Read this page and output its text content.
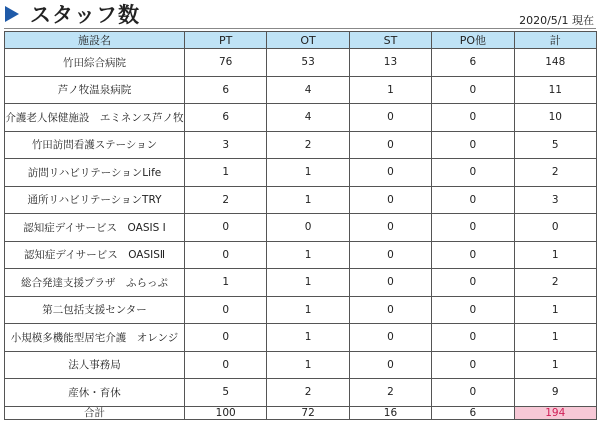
スタッフ数	2020/5/1 現在
施設名	PT	OT	ST	PO他	計
竹田綜合病院	76	53	13	6	148
芦ノ牧温泉病院	6	4	1	0	11
介護老人保健施設　エミネンス芦ノ牧	6	4	0	0	10
竹田訪問看護ステーション	3	2	0	0	5
訪問リハビリテーションLife	1	1	0	0	2
通所リハビリテーションTRY	2	1	0	0	3
認知症デイサービス　OASIS I	0	0	0	0	0
認知症デイサービス　OASISⅡ	0	1	0	0	1
総合発達支援プラザ　ふらっぷ	1	1	0	0	2
第二包括支援センター	0	1	0	0	1
小規模多機能型居宅介護　オレンジ	0	1	0	0	1
法人事務局	0	1	0	0	1
産休・育休	5	2	2	0	9
合計	100	72	16	6	194
